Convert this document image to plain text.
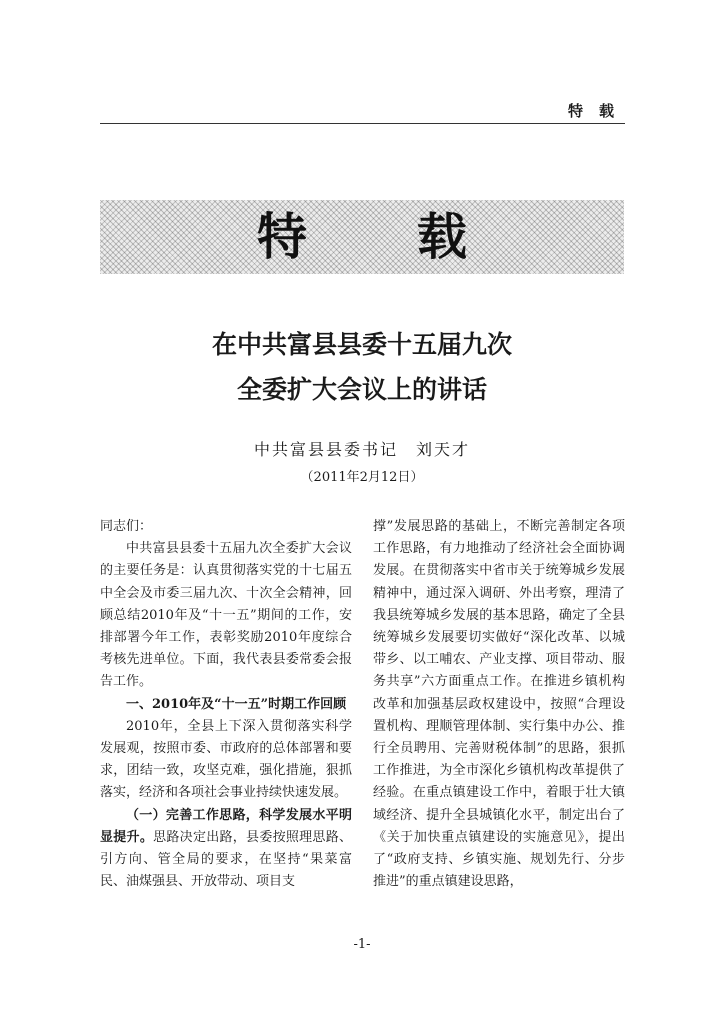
特载
特载
在中共富县县委十五届九次
全委扩大会议上的讲话
中共富县县委书记　刘天才
（2011年2月12日）

同志们：

中共富县县委十五届九次全委扩大会议的主要任务是：认真贯彻落实党的十七届五中全会及市委三届九次、十次全会精神，回顾总结2010年及“十一五”期间的工作，安排部署今年工作，表彰奖励2010年度综合考核先进单位。下面，我代表县委常委会报告工作。

一、2010年及“十一五”时期工作回顾

2010年，全县上下深入贯彻落实科学发展观，按照市委、市政府的总体部署和要求，团结一致，攻坚克难，强化措施，狠抓落实，经济和各项社会事业持续快速发展。

（一）完善工作思路，科学发展水平明显提升。思路决定出路，县委按照理思路、引方向、管全局的要求，在坚持“果菜富民、油煤强县、开放带动、项目支

撑”发展思路的基础上，不断完善制定各项工作思路，有力地推动了经济社会全面协调发展。在贯彻落实中省市关于统筹城乡发展精神中，通过深入调研、外出考察，理清了我县统筹城乡发展的基本思路，确定了全县统筹城乡发展要切实做好“深化改革、以城带乡、以工哺农、产业支撑、项目带动、服务共享”六方面重点工作。在推进乡镇机构改革和加强基层政权建设中，按照“合理设置机构、理顺管理体制、实行集中办公、推行全员聘用、完善财税体制”的思路，狠抓工作推进，为全市深化乡镇机构改革提供了经验。在重点镇建设工作中，着眼于壮大镇域经济、提升全县城镇化水平，制定出台了《关于加快重点镇建设的实施意见》，提出了“政府支持、乡镇实施、规划先行、分步推进”的重点镇建设思路，

-1-
